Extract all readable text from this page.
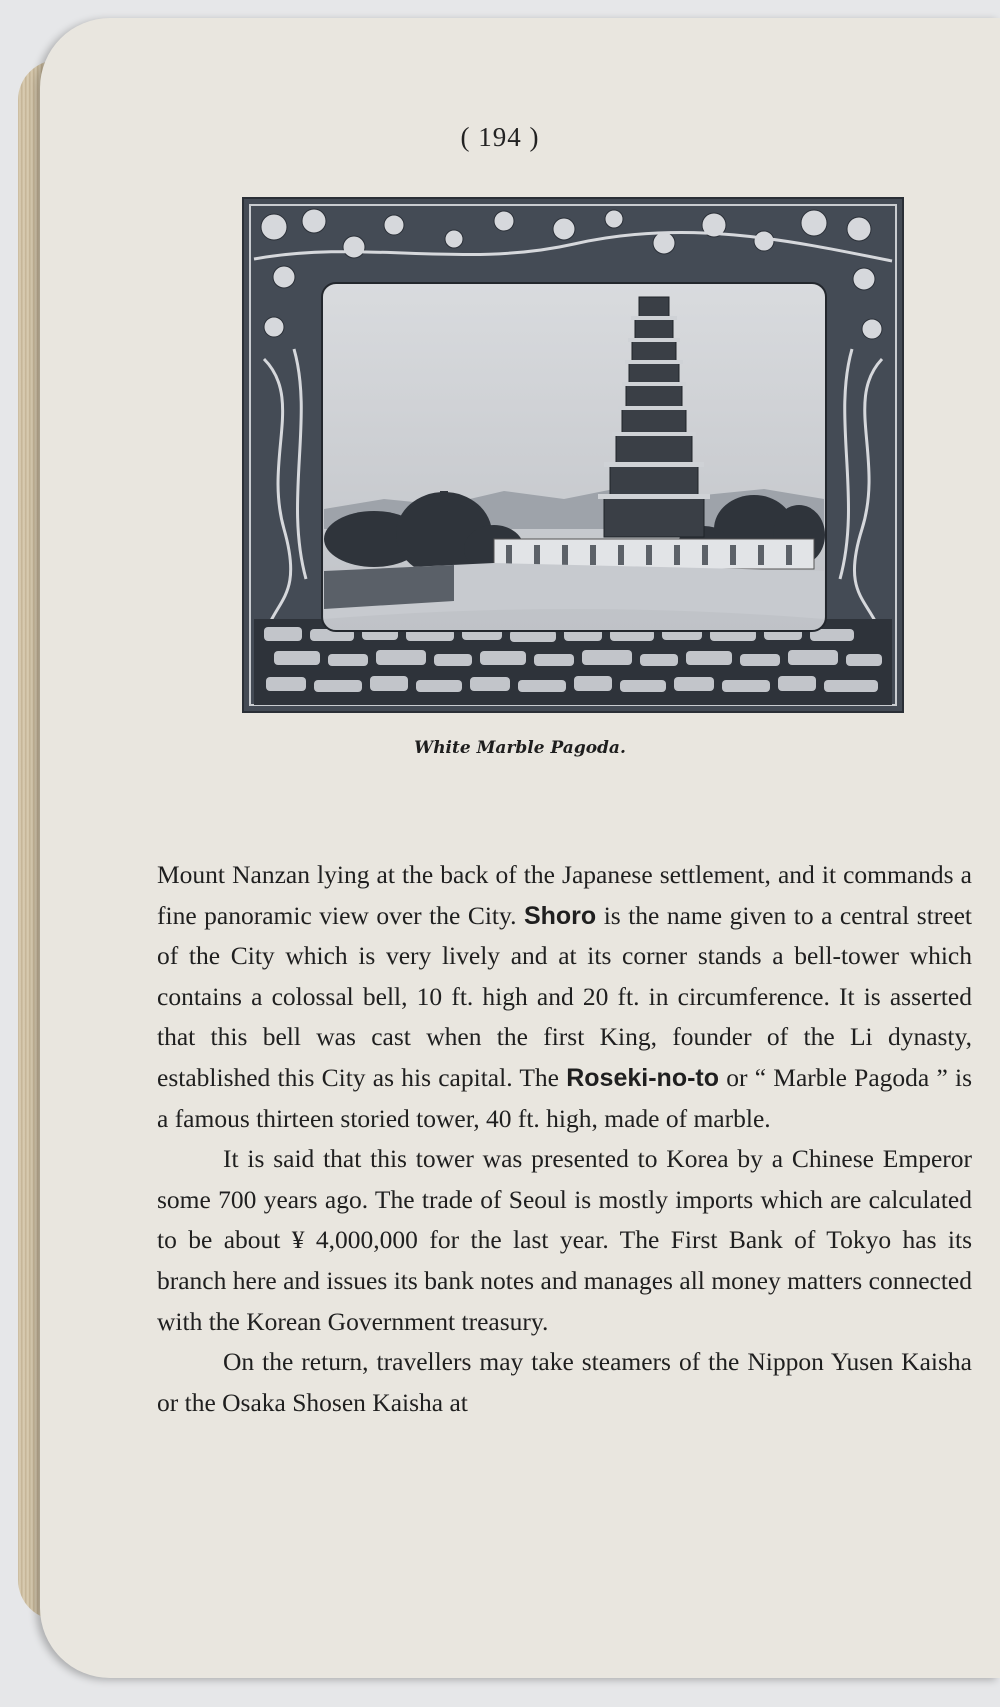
( 194 )
White Marble Pagoda.

Mount Nanzan lying at the back of the Japanese settlement, and it commands a fine panoramic view over the City. Shoro is the name given to a central street of the City which is very lively and at its corner stands a bell-tower which contains a colossal bell, 10 ft. high and 20 ft. in circumference. It is asserted that this bell was cast when the first King, founder of the Li dynasty, established this City as his capital. The Roseki-no-to or “ Marble Pagoda ” is a famous thirteen storied tower, 40 ft. high, made of marble.

It is said that this tower was presented to Korea by a Chinese Emperor some 700 years ago. The trade of Seoul is mostly imports which are calculated to be about ¥ 4,000,000 for the last year. The First Bank of Tokyo has its branch here and issues its bank notes and manages all money matters connected with the Korean Government treasury.

On the return, travellers may take steamers of the Nippon Yusen Kaisha or the Osaka Shosen Kaisha at
